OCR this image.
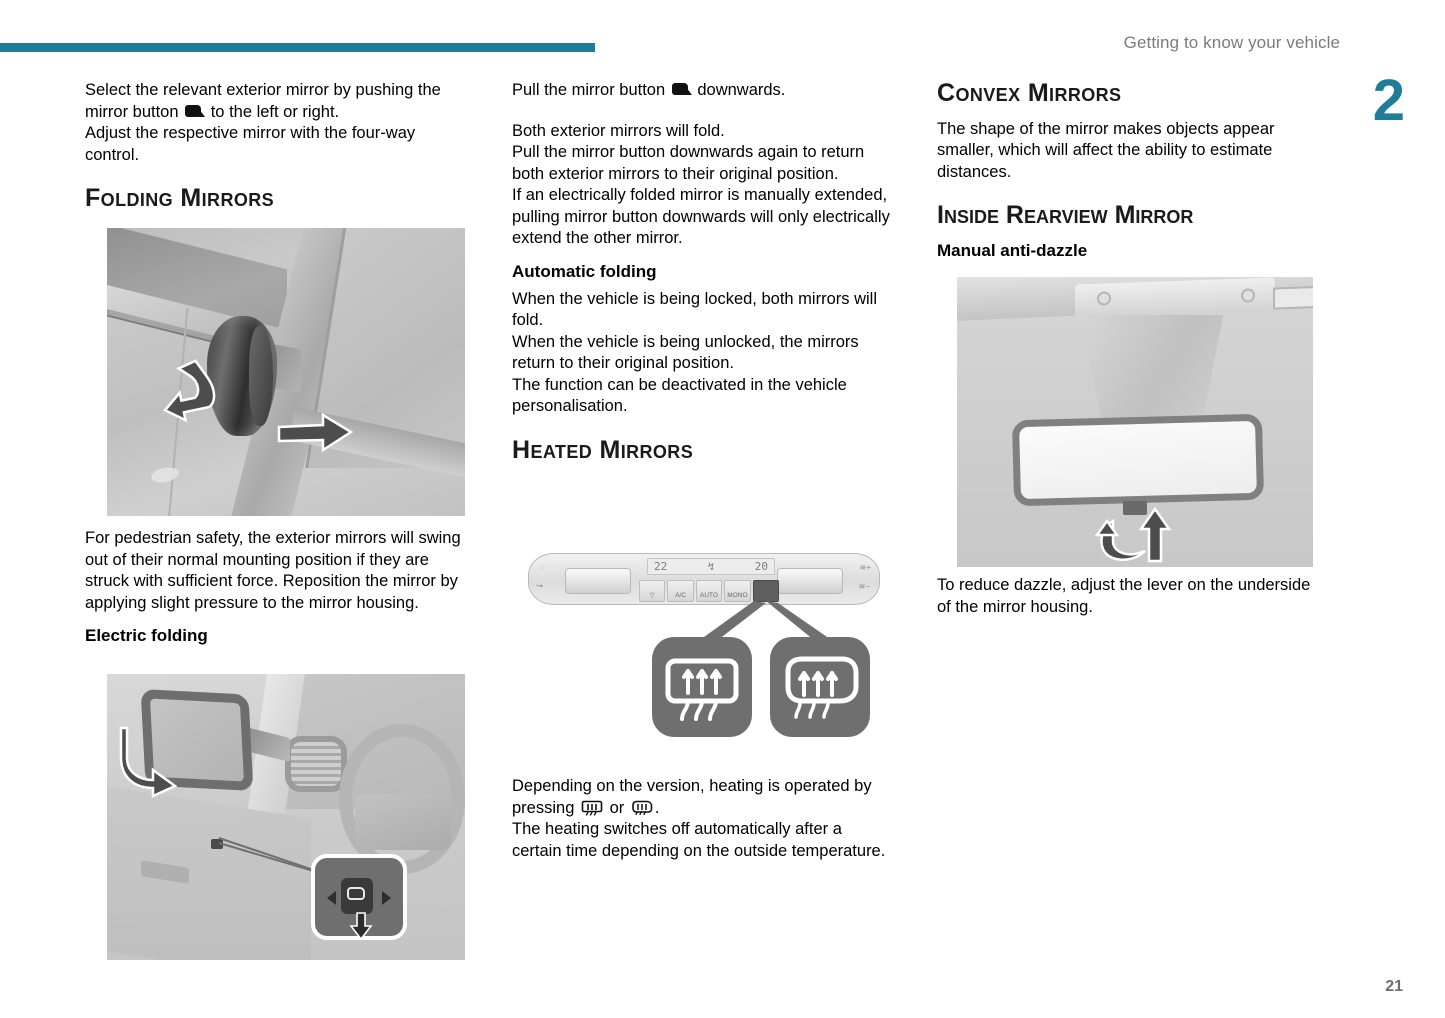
Getting to know your vehicle
2
21

Select the relevant exterior mirror by pushing the mirror button to the left or right.

Adjust the respective mirror with the four-way control.

Folding Mirrors

For pedestrian safety, the exterior mirrors will swing out of their normal mounting position if they are struck with sufficient force. Reposition the mirror by applying slight pressure to the mirror housing.

Electric folding

Pull the mirror button downwards.

Both exterior mirrors will fold.

Pull the mirror button downwards again to return both exterior mirrors to their original position.

If an electrically folded mirror is manually extended, pulling mirror button downwards will only electrically extend the other mirror.

Automatic folding

When the vehicle is being locked, both mirrors will fold.

When the vehicle is being unlocked, the mirrors return to their original position.

The function can be deactivated in the vehicle personalisation.

Heated Mirrors
22	↯	20
▽	A/C	AUTO	MONO
◌
↝
≋+
≋−

Depending on the version, heating is operated by pressing or .

The heating switches off automatically after a certain time depending on the outside temperature.

Convex Mirrors

The shape of the mirror makes objects appear smaller, which will affect the ability to estimate distances.

Inside Rearview Mirror
Manual anti-dazzle

To reduce dazzle, adjust the lever on the underside of the mirror housing.
